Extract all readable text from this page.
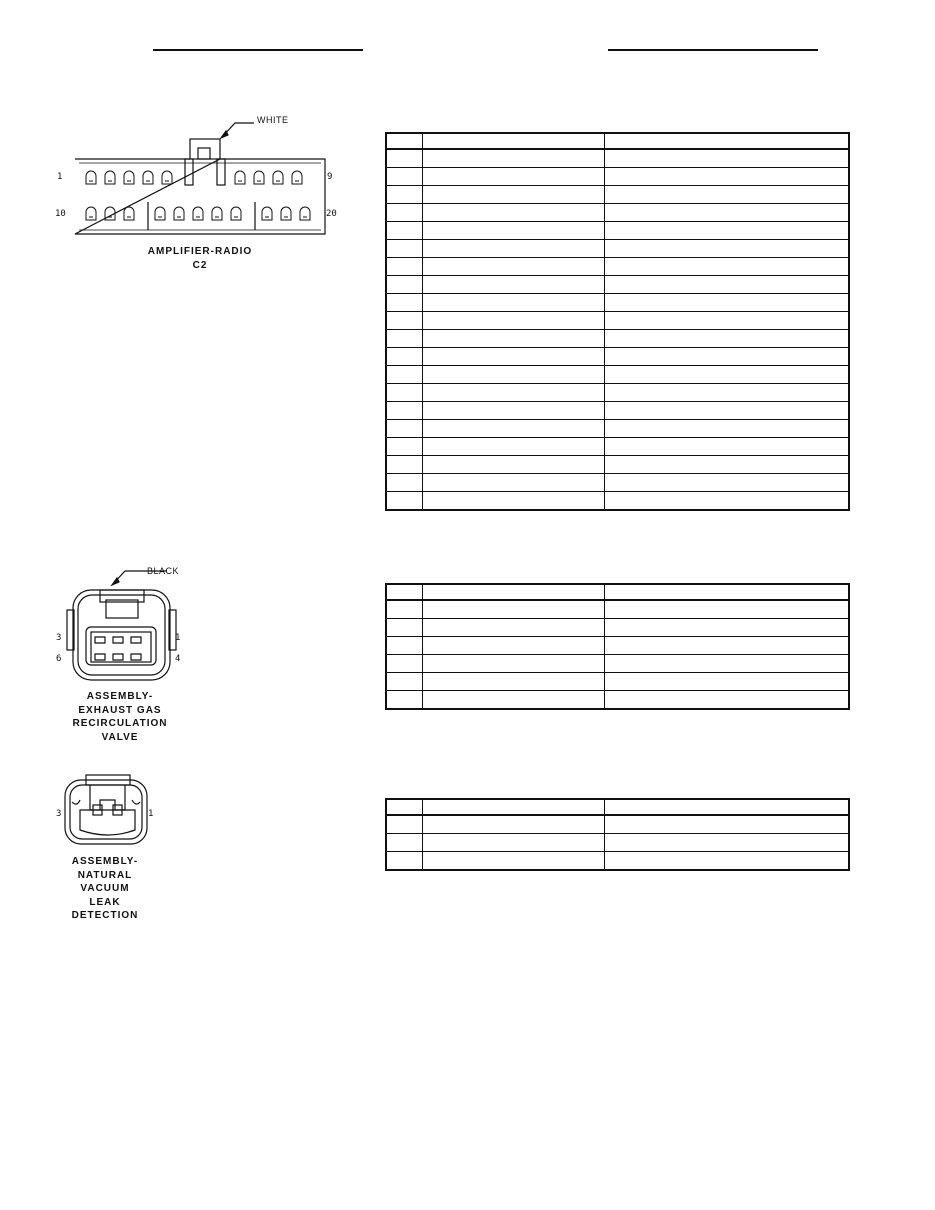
WHITE
1	9
10	20
AMPLIFIER-RADIO
C2

BLACK
3
6
1
4
ASSEMBLY-
EXHAUST GAS
RECIRCULATION
VALVE

3	1
ASSEMBLY-
NATURAL
VACUUM
LEAK
DETECTION
